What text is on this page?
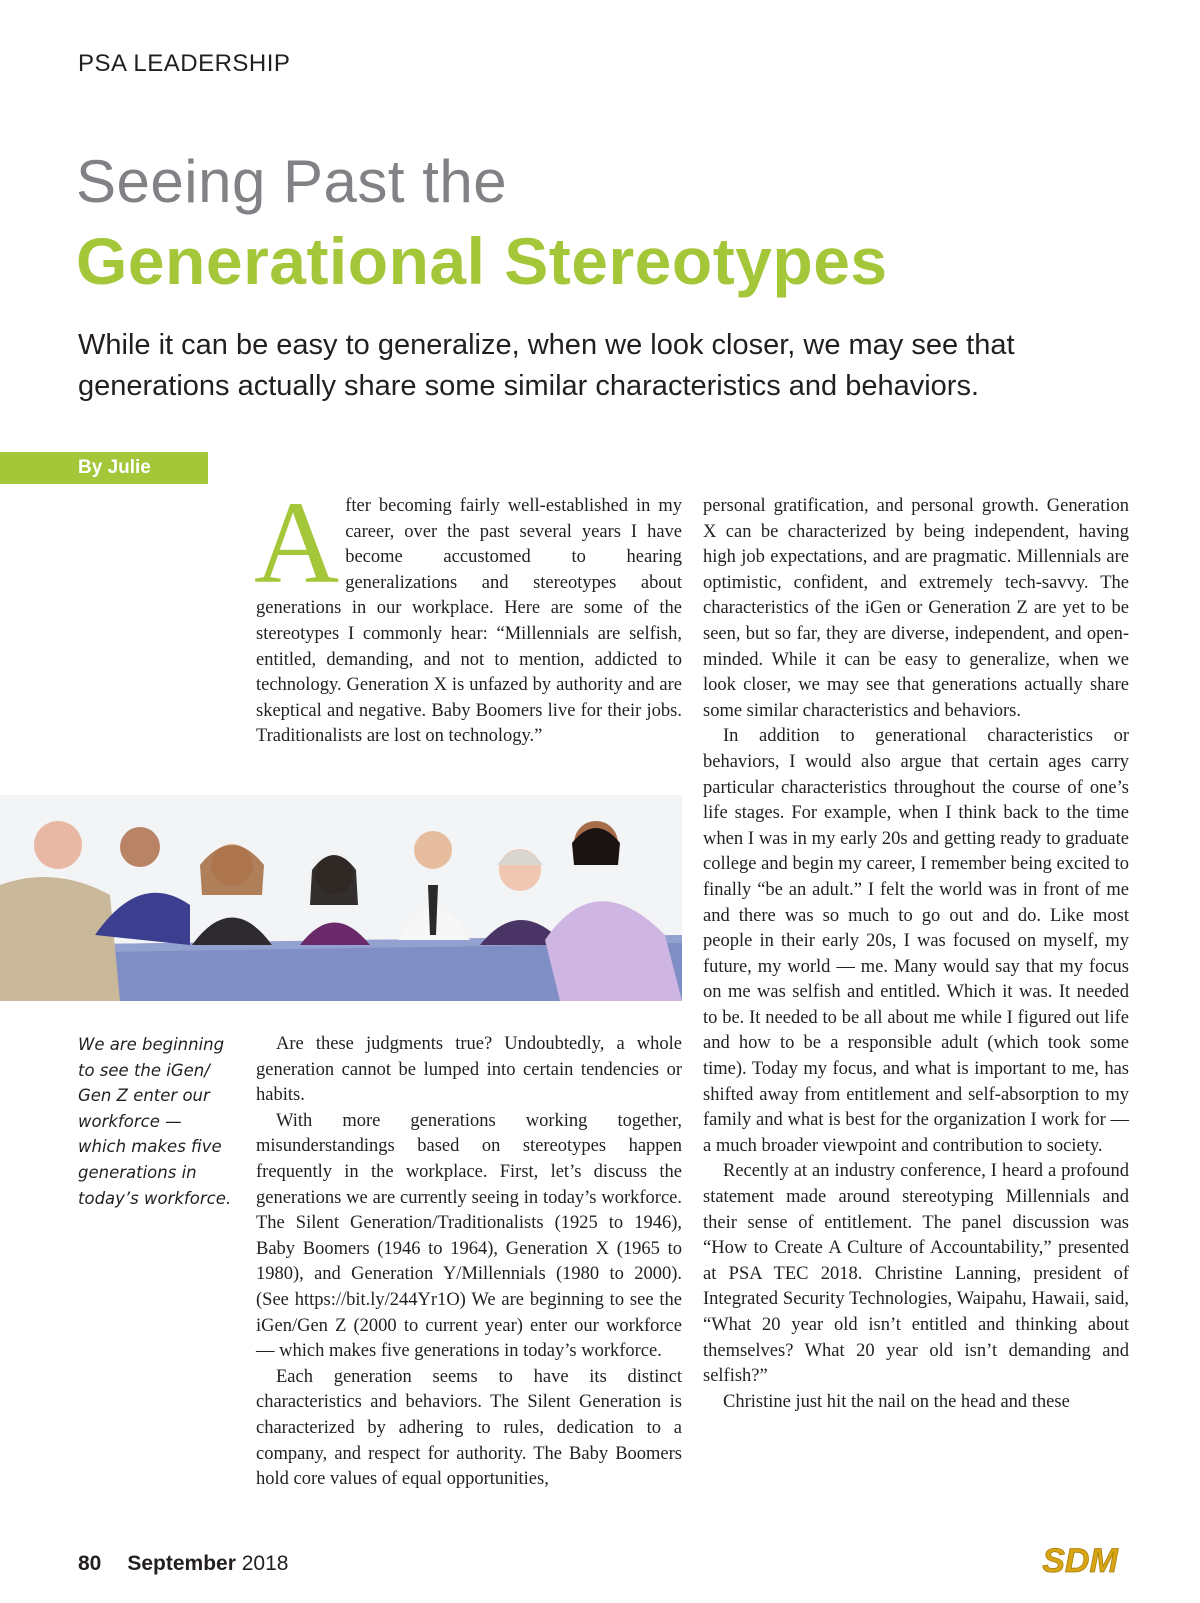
PSA LEADERSHIP
Seeing Past the
Generational Stereotypes
While it can be easy to generalize, when we look closer, we may see that generations actually share some similar characteristics and behaviors.
By Julie Rolles	After becoming fairly well-established in my career, over the past several years I have become accustomed to hearing generalizations and stereotypes about generations in our workplace. Here are some of the stereotypes I commonly hear: “Millennials are selfish, entitled, demanding, and not to mention, addicted to technology. Generation X is unfazed by authority and are skeptical and negative. Baby Boomers live for their jobs. Traditionalists are lost on technology.”

We are beginning to see the iGen/ Gen Z enter our workforce — which makes five generations in today’s workforce.

Are these judgments true? Undoubtedly, a whole generation cannot be lumped into certain tendencies or habits.

With more generations working together, misunderstandings based on stereotypes happen frequently in the workplace. First, let’s discuss the generations we are currently seeing in today’s workforce. The Silent Generation/Traditionalists (1925 to 1946), Baby Boomers (1946 to 1964), Generation X (1965 to 1980), and Generation Y/Millennials (1980 to 2000). (See https://bit.ly/244Yr1O) We are beginning to see the iGen/Gen Z (2000 to current year) enter our workforce — which makes five generations in today’s workforce.

Each generation seems to have its distinct characteristics and behaviors. The Silent Generation is characterized by adhering to rules, dedication to a company, and respect for authority. The Baby Boomers hold core values of equal opportunities,

personal gratification, and personal growth. Generation X can be characterized by being independent, having high job expectations, and are pragmatic. Millennials are optimistic, confident, and extremely tech-savvy. The characteristics of the iGen or Generation Z are yet to be seen, but so far, they are diverse, independent, and open-minded. While it can be easy to generalize, when we look closer, we may see that generations actually share some similar characteristics and behaviors.

In addition to generational characteristics or behaviors, I would also argue that certain ages carry particular characteristics throughout the course of one’s life stages. For example, when I think back to the time when I was in my early 20s and getting ready to graduate college and begin my career, I remember being excited to finally “be an adult.” I felt the world was in front of me and there was so much to go out and do. Like most people in their early 20s, I was focused on myself, my future, my world — me. Many would say that my focus on me was selfish and entitled. Which it was. It needed to be. It needed to be all about me while I figured out life and how to be a responsible adult (which took some time). Today my focus, and what is important to me, has shifted away from entitlement and self-absorption to my family and what is best for the organization I work for — a much broader viewpoint and contribution to society.

Recently at an industry conference, I heard a profound statement made around stereotyping Millennials and their sense of entitlement. The panel discussion was “How to Create A Culture of Accountability,” presented at PSA TEC 2018. Christine Lanning, president of Integrated Security Technologies, Waipahu, Hawaii, said, “What 20 year old isn’t entitled and thinking about themselves? What 20 year old isn’t demanding and selfish?”

Christine just hit the nail on the head and these

80 September 2018	SDM
